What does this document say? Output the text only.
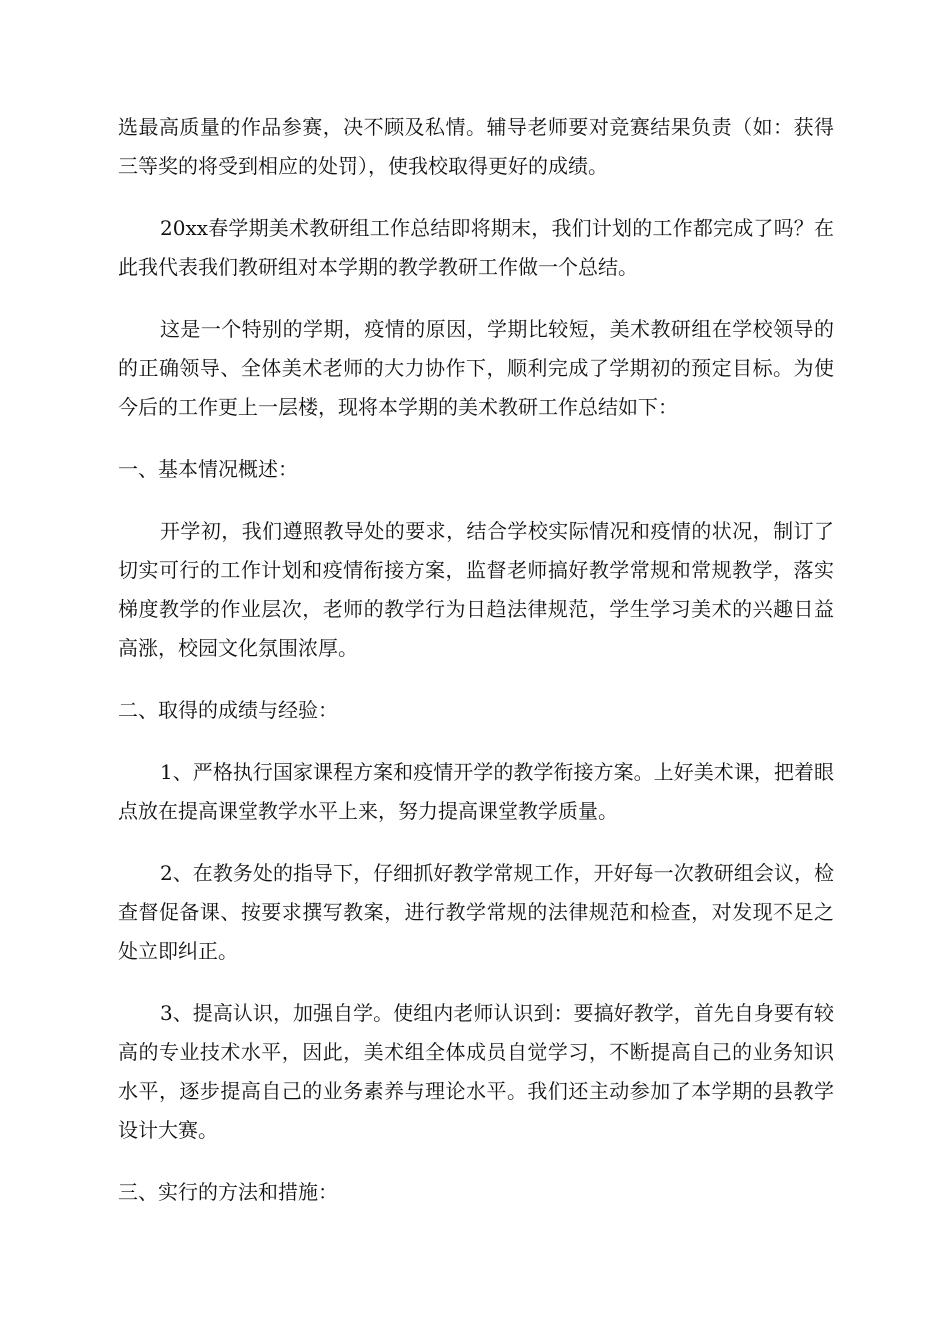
选最高质量的作品参赛，决不顾及私情。辅导老师要对竞赛结果负责（如：获得三等奖的将受到相应的处罚），使我校取得更好的成绩。

20xx春学期美术教研组工作总结即将期末，我们计划的工作都完成了吗？在此我代表我们教研组对本学期的教学教研工作做一个总结。

这是一个特别的学期，疫情的原因，学期比较短，美术教研组在学校领导的的正确领导、全体美术老师的大力协作下，顺利完成了学期初的预定目标。为使今后的工作更上一层楼，现将本学期的美术教研工作总结如下：

一、基本情况概述：

开学初，我们遵照教导处的要求，结合学校实际情况和疫情的状况，制订了切实可行的工作计划和疫情衔接方案，监督老师搞好教学常规和常规教学，落实梯度教学的作业层次，老师的教学行为日趋法律规范，学生学习美术的兴趣日益高涨，校园文化氛围浓厚。

二、取得的成绩与经验：

1、严格执行国家课程方案和疫情开学的教学衔接方案。上好美术课，把着眼点放在提高课堂教学水平上来，努力提高课堂教学质量。

2、在教务处的指导下，仔细抓好教学常规工作，开好每一次教研组会议，检查督促备课、按要求撰写教案，进行教学常规的法律规范和检查，对发现不足之处立即纠正。

3、提高认识，加强自学。使组内老师认识到：要搞好教学，首先自身要有较高的专业技术水平，因此，美术组全体成员自觉学习，不断提高自己的业务知识水平，逐步提高自己的业务素养与理论水平。我们还主动参加了本学期的县教学设计大赛。

三、实行的方法和措施：
